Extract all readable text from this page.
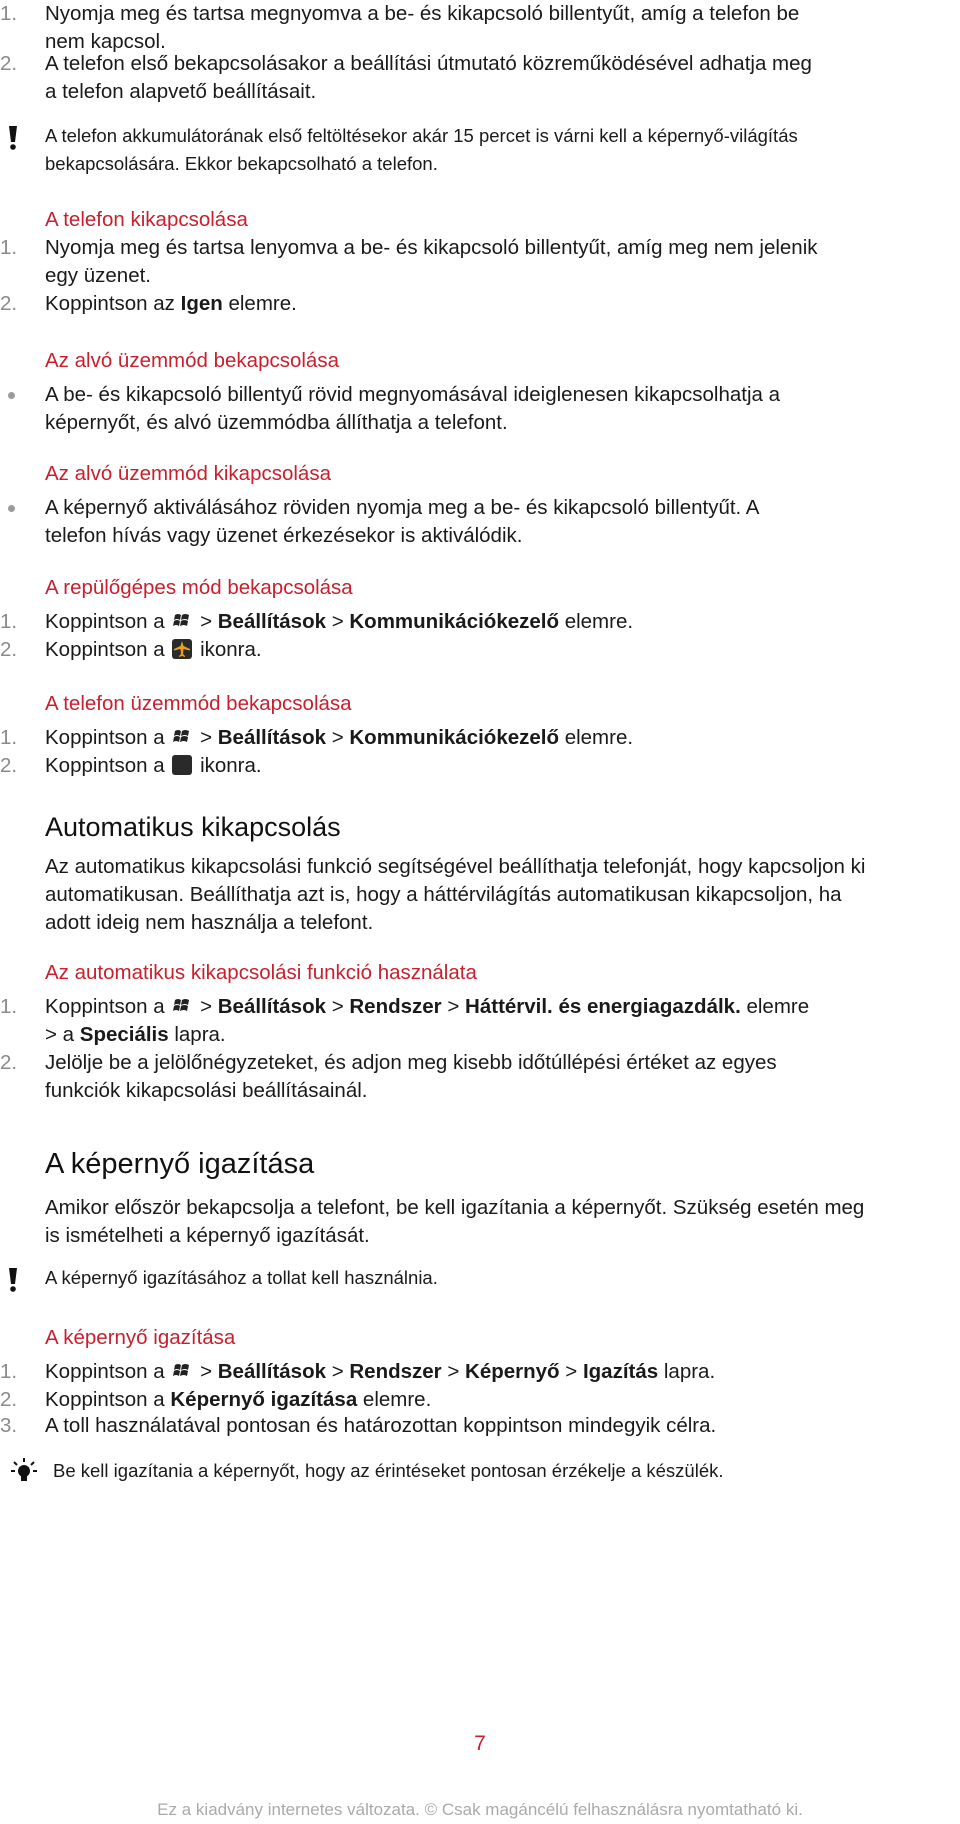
1.	Nyomja meg és tartsa megnyomva a be- és kikapcsoló billentyűt, amíg a telefon be
nem kapcsol.
2.	A telefon első bekapcsolásakor a beállítási útmutató közreműködésével adhatja meg
a telefon alapvető beállításait.
A telefon akkumulátorának első feltöltésekor akár 15 percet is várni kell a képernyő-világítás
bekapcsolására. Ekkor bekapcsolható a telefon.
A telefon kikapcsolása
1.	Nyomja meg és tartsa lenyomva a be- és kikapcsoló billentyűt, amíg meg nem jelenik
egy üzenet.
2.	Koppintson az Igen elemre.
Az alvó üzemmód bekapcsolása
A be- és kikapcsoló billentyű rövid megnyomásával ideiglenesen kikapcsolhatja a
képernyőt, és alvó üzemmódba állíthatja a telefont.
Az alvó üzemmód kikapcsolása
A képernyő aktiválásához röviden nyomja meg a be- és kikapcsoló billentyűt. A
telefon hívás vagy üzenet érkezésekor is aktiválódik.
A repülőgépes mód bekapcsolása
1.	Koppintson a  > Beállítások > Kommunikációkezelő elemre.
2.	Koppintson a  ikonra.
A telefon üzemmód bekapcsolása
1.	Koppintson a  > Beállítások > Kommunikációkezelő elemre.
2.	Koppintson a  ikonra.
Automatikus kikapcsolás
Az automatikus kikapcsolási funkció segítségével beállíthatja telefonját, hogy kapcsoljon ki
automatikusan. Beállíthatja azt is, hogy a háttérvilágítás automatikusan kikapcsoljon, ha
adott ideig nem használja a telefont.
Az automatikus kikapcsolási funkció használata
1.	Koppintson a  > Beállítások > Rendszer > Háttérvil. és energiagazdálk. elemre
> a Speciális lapra.
2.	Jelölje be a jelölőnégyzeteket, és adjon meg kisebb időtúllépési értéket az egyes
funkciók kikapcsolási beállításainál.
A képernyő igazítása
Amikor először bekapcsolja a telefont, be kell igazítania a képernyőt. Szükség esetén meg
is ismételheti a képernyő igazítását.
A képernyő igazításához a tollat kell használnia.
A képernyő igazítása
1.	Koppintson a  > Beállítások > Rendszer > Képernyő > Igazítás lapra.
2.	Koppintson a Képernyő igazítása elemre.
3.	A toll használatával pontosan és határozottan koppintson mindegyik célra.
Be kell igazítania a képernyőt, hogy az érintéseket pontosan érzékelje a készülék.
7
Ez a kiadvány internetes változata. © Csak magáncélú felhasználásra nyomtatható ki.
